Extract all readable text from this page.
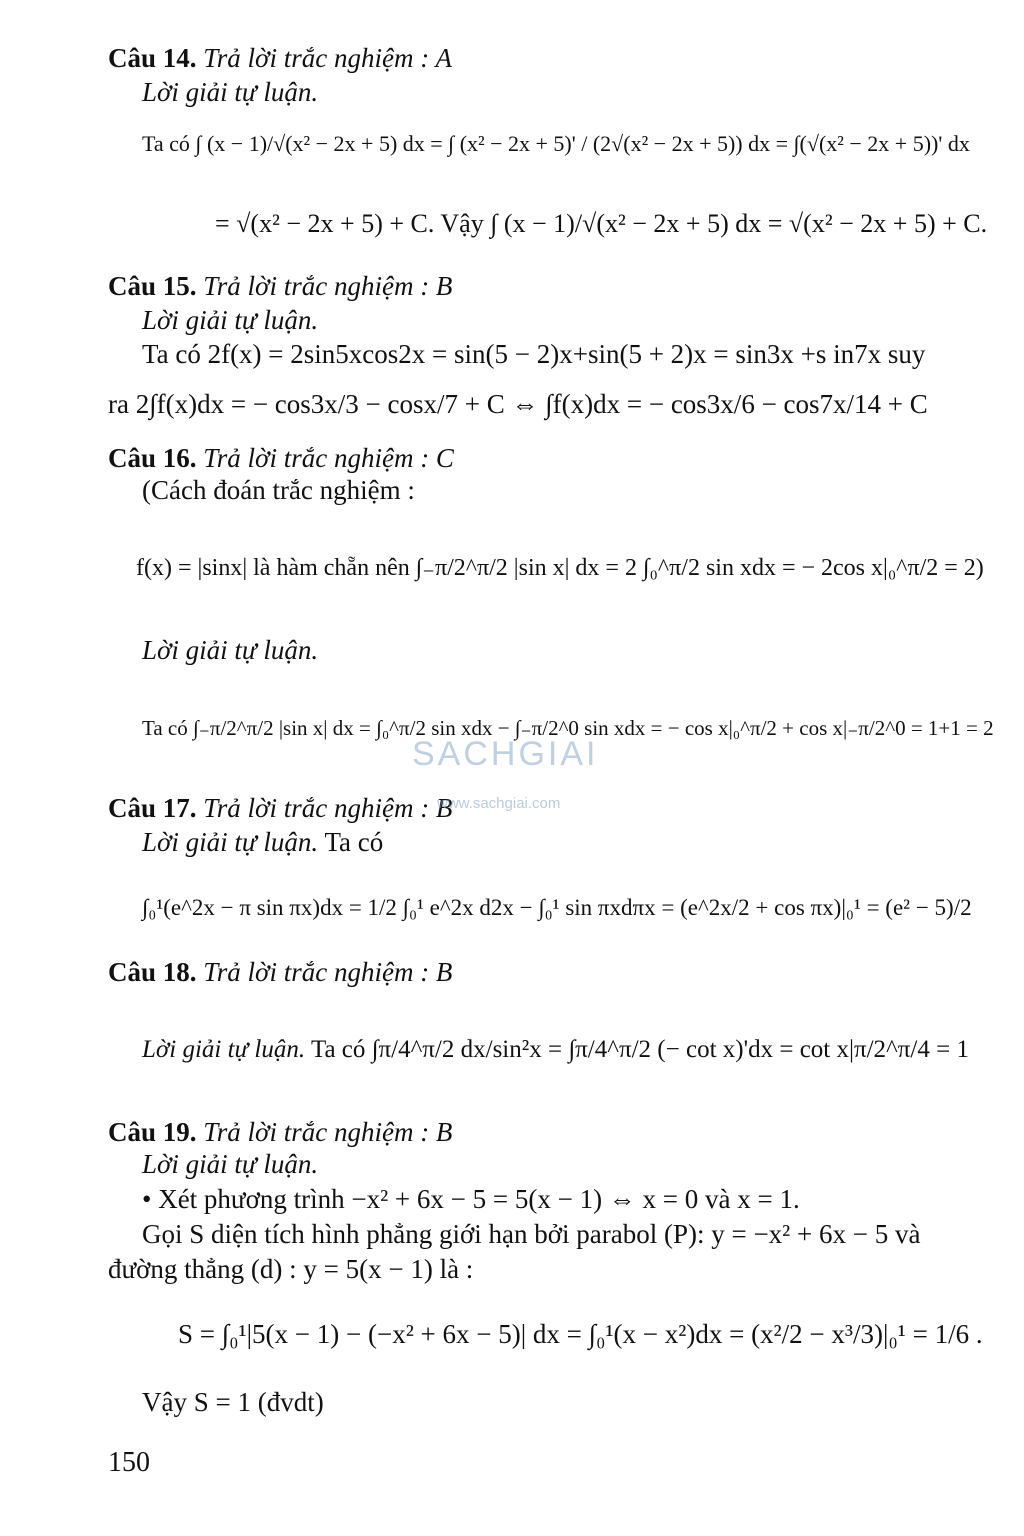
Câu 14. Trả lời trắc nghiệm : A
Lời giải tự luận.
Ta có ∫ (x − 1)/√(x² − 2x + 5) dx = ∫ (x² − 2x + 5)' / (2√(x² − 2x + 5)) dx = ∫(√(x² − 2x + 5))' dx
= √(x² − 2x + 5) + C. Vậy ∫ (x − 1)/√(x² − 2x + 5) dx = √(x² − 2x + 5) + C.
Câu 15. Trả lời trắc nghiệm : B
Lời giải tự luận.
Ta có 2f(x) = 2sin5xcos2x = sin(5 − 2)x+sin(5 + 2)x = sin3x +s in7x suy
ra 2∫f(x)dx = − cos3x/3 − cosx/7 + C ⇔ ∫f(x)dx = − cos3x/6 − cos7x/14 + C
Câu 16. Trả lời trắc nghiệm : C
(Cách đoán trắc nghiệm :
f(x) = |sinx| là hàm chẵn nên ∫₋π/2^π/2 |sin x| dx = 2 ∫₀^π/2 sin xdx = − 2cos x|₀^π/2 = 2)
Lời giải tự luận.
Ta có ∫₋π/2^π/2 |sin x| dx = ∫₀^π/2 sin xdx − ∫₋π/2^0 sin xdx = − cos x|₀^π/2 + cos x|₋π/2^0 = 1+1 = 2
Câu 17. Trả lời trắc nghiệm : B
Lời giải tự luận. Ta có
∫₀¹(e^2x − π sin πx)dx = 1/2 ∫₀¹ e^2x d2x − ∫₀¹ sin πxdπx = (e^2x/2 + cos πx)|₀¹ = (e² − 5)/2
Câu 18. Trả lời trắc nghiệm : B
Lời giải tự luận. Ta có ∫π/4^π/2 dx/sin²x = ∫π/4^π/2 (− cot x)'dx = cot x|π/2^π/4 = 1
Câu 19. Trả lời trắc nghiệm : B
Lời giải tự luận.
• Xét phương trình −x² + 6x − 5 = 5(x − 1) ⇔ x = 0 và x = 1.
Gọi S diện tích hình phẳng giới hạn bởi parabol (P): y = −x² + 6x − 5 và
đường thẳng (d) : y = 5(x − 1) là :
S = ∫₀¹|5(x − 1) − (−x² + 6x − 5)| dx = ∫₀¹(x − x²)dx = (x²/2 − x³/3)|₀¹ = 1/6 .
Vậy S = 1 (đvdt)
SACHGIAI
www.sachgiai.com
150
